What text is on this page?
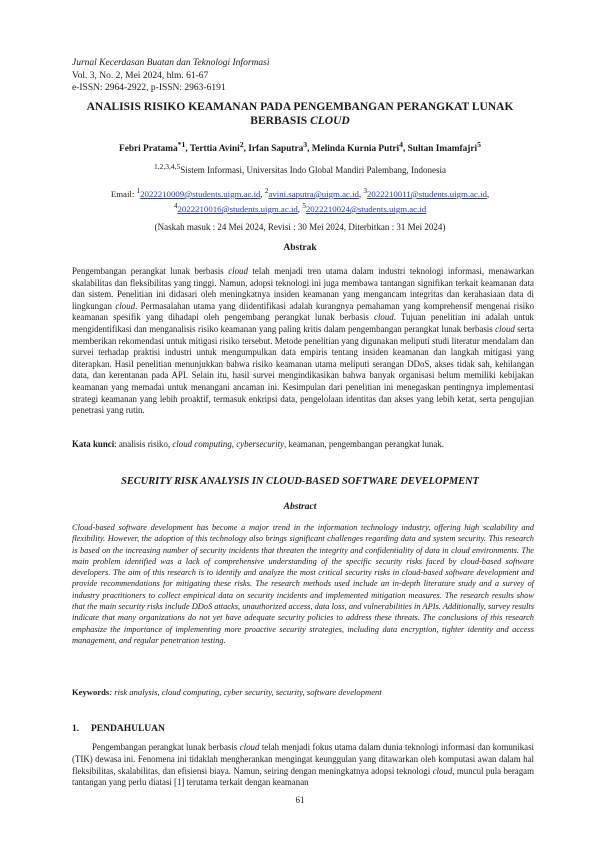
Jurnal Kecerdasan Buatan dan Teknologi Informasi
Vol. 3, No. 2, Mei 2024, hlm. 61-67
e-ISSN: 2964-2922, p-ISSN: 2963-6191
ANALISIS RISIKO KEAMANAN PADA PENGEMBANGAN PERANGKAT LUNAK
BERBASIS CLOUD
Febri Pratama$^{*1}$, Terttia Avini$^2$, Irfan Saputra$^3$, Melinda Kurnia Putri$^4$, Sultan Imamfajri$^5$
$^{1,2,3,4,5}$Sistem Informasi, Universitas Indo Global Mandiri Palembang, Indonesia
Email: $^1$2022210009@students.uigm.ac.id, $^2$avini.saputra@uigm.ac.id, $^3$2022210011@students.uigm.ac.id,
$^4$2022210016@students.uigm.ac.id, $^5$2022210024@students.uigm.ac.id
(Naskah masuk : 24 Mei 2024, Revisi : 30 Mei 2024, Diterbitkan : 31 Mei 2024)
Abstrak
Pengembangan perangkat lunak berbasis cloud telah menjadi tren utama dalam industri teknologi informasi, menawarkan skalabilitas dan fleksibilitas yang tinggi. Namun, adopsi teknologi ini juga membawa tantangan signifikan terkait keamanan data dan sistem. Penelitian ini didasari oleh meningkatnya insiden keamanan yang mengancam integritas dan kerahasiaan data di lingkungan cloud. Permasalahan utama yang diidentifikasi adalah kurangnya pemahaman yang komprehensif mengenai risiko keamanan spesifik yang dihadapi oleh pengembang perangkat lunak berbasis cloud. Tujuan penelitian ini adalah untuk mengidentifikasi dan menganalisis risiko keamanan yang paling kritis dalam pengembangan perangkat lunak berbasis cloud serta memberikan rekomendasi untuk mitigasi risiko tersebut. Metode penelitian yang digunakan meliputi studi literatur mendalam dan survei terhadap praktisi industri untuk mengumpulkan data empiris tentang insiden keamanan dan langkah mitigasi yang diterapkan. Hasil penelitian menunjukkan bahwa risiko keamanan utama meliputi serangan DDoS, akses tidak sah, kehilangan data, dan kerentanan pada API. Selain itu, hasil survei mengindikasikan bahwa banyak organisasi belum memiliki kebijakan keamanan yang memadai untuk menangani ancaman ini. Kesimpulan dari penelitian ini menegaskan pentingnya implementasi strategi keamanan yang lebih proaktif, termasuk enkripsi data, pengelolaan identitas dan akses yang lebih ketat, serta pengujian penetrasi yang rutin.
Kata kunci: analisis risiko, cloud computing, cybersecurity, keamanan, pengembangan perangkat lunak.
SECURITY RISK ANALYSIS IN CLOUD-BASED SOFTWARE DEVELOPMENT
Abstract
Cloud-based software development has become a major trend in the information technology industry, offering high scalability and flexibility. However, the adoption of this technology also brings significant challenges regarding data and system security. This research is based on the increasing number of security incidents that threaten the integrity and confidentiality of data in cloud environments. The main problem identified was a lack of comprehensive understanding of the specific security risks faced by cloud-based software developers. The aim of this research is to identify and analyze the most critical security risks in cloud-based software development and provide recommendations for mitigating these risks. The research methods used include an in-depth literature study and a survey of industry practitioners to collect empirical data on security incidents and implemented mitigation measures. The research results show that the main security risks include DDoS attacks, unauthorized access, data loss, and vulnerabilities in APIs. Additionally, survey results indicate that many organizations do not yet have adequate security policies to address these threats. The conclusions of this research emphasize the importance of implementing more proactive security strategies, including data encryption, tighter identity and access management, and regular penetration testing.
Keywords: risk analysis, cloud computing, cyber security, security, software development
1.     PENDAHULUAN
Pengembangan perangkat lunak berbasis cloud telah menjadi fokus utama dalam dunia teknologi informasi dan komunikasi (TIK) dewasa ini. Fenomena ini tidaklah mengherankan mengingat keunggulan yang ditawarkan oleh komputasi awan dalam hal fleksibilitas, skalabilitas, dan efisiensi biaya. Namun, seiring dengan meningkatnya adopsi teknologi cloud, muncul pula beragam tantangan yang perlu diatasi [1] terutama terkait dengan keamanan
61
